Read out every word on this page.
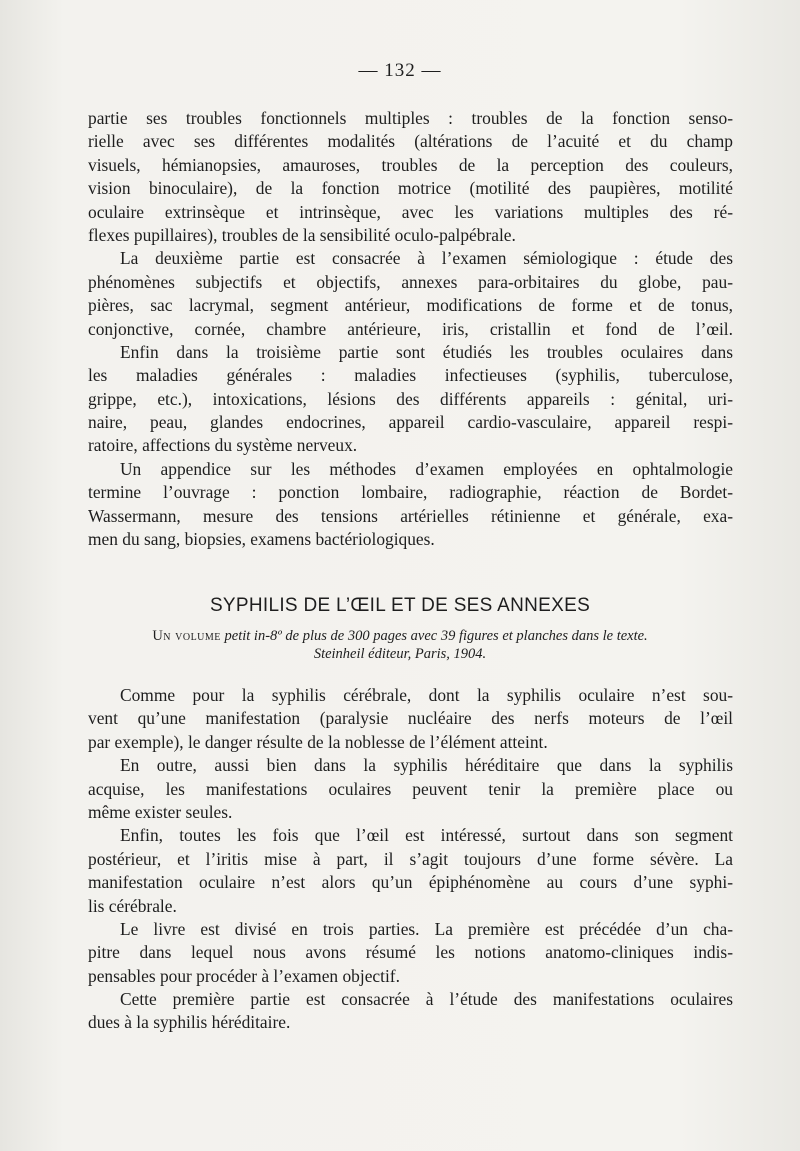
— 132 —
partie ses troubles fonctionnels multiples : troubles de la fonction senso-
rielle avec ses différentes modalités (altérations de l’acuité et du champ
visuels, hémianopsies, amauroses, troubles de la perception des couleurs,
vision binoculaire), de la fonction motrice (motilité des paupières, motilité
oculaire extrinsèque et intrinsèque, avec les variations multiples des ré-
flexes pupillaires), troubles de la sensibilité oculo-palpébrale.
La deuxième partie est consacrée à l’examen sémiologique : étude des
phénomènes subjectifs et objectifs, annexes para-orbitaires du globe, pau-
pières, sac lacrymal, segment antérieur, modifications de forme et de tonus,
conjonctive, cornée, chambre antérieure, iris, cristallin et fond de l’œil.
Enfin dans la troisième partie sont étudiés les troubles oculaires dans
les maladies générales : maladies infectieuses (syphilis, tuberculose,
grippe, etc.), intoxications, lésions des différents appareils : génital, uri-
naire, peau, glandes endocrines, appareil cardio-vasculaire, appareil respi-
ratoire, affections du système nerveux.
Un appendice sur les méthodes d’examen employées en ophtalmologie
termine l’ouvrage : ponction lombaire, radiographie, réaction de Bordet-
Wassermann, mesure des tensions artérielles rétinienne et générale, exa-
men du sang, biopsies, examens bactériologiques.
SYPHILIS DE L’ŒIL ET DE SES ANNEXES
Un volume petit in-8º de plus de 300 pages avec 39 figures et planches dans le texte.
Steinheil éditeur, Paris, 1904.
Comme pour la syphilis cérébrale, dont la syphilis oculaire n’est sou-
vent qu’une manifestation (paralysie nucléaire des nerfs moteurs de l’œil
par exemple), le danger résulte de la noblesse de l’élément atteint.
En outre, aussi bien dans la syphilis héréditaire que dans la syphilis
acquise, les manifestations oculaires peuvent tenir la première place ou
même exister seules.
Enfin, toutes les fois que l’œil est intéressé, surtout dans son segment
postérieur, et l’iritis mise à part, il s’agit toujours d’une forme sévère. La
manifestation oculaire n’est alors qu’un épiphénomène au cours d’une syphi-
lis cérébrale.
Le livre est divisé en trois parties. La première est précédée d’un cha-
pitre dans lequel nous avons résumé les notions anatomo-cliniques indis-
pensables pour procéder à l’examen objectif.
Cette première partie est consacrée à l’étude des manifestations oculaires
dues à la syphilis héréditaire.
